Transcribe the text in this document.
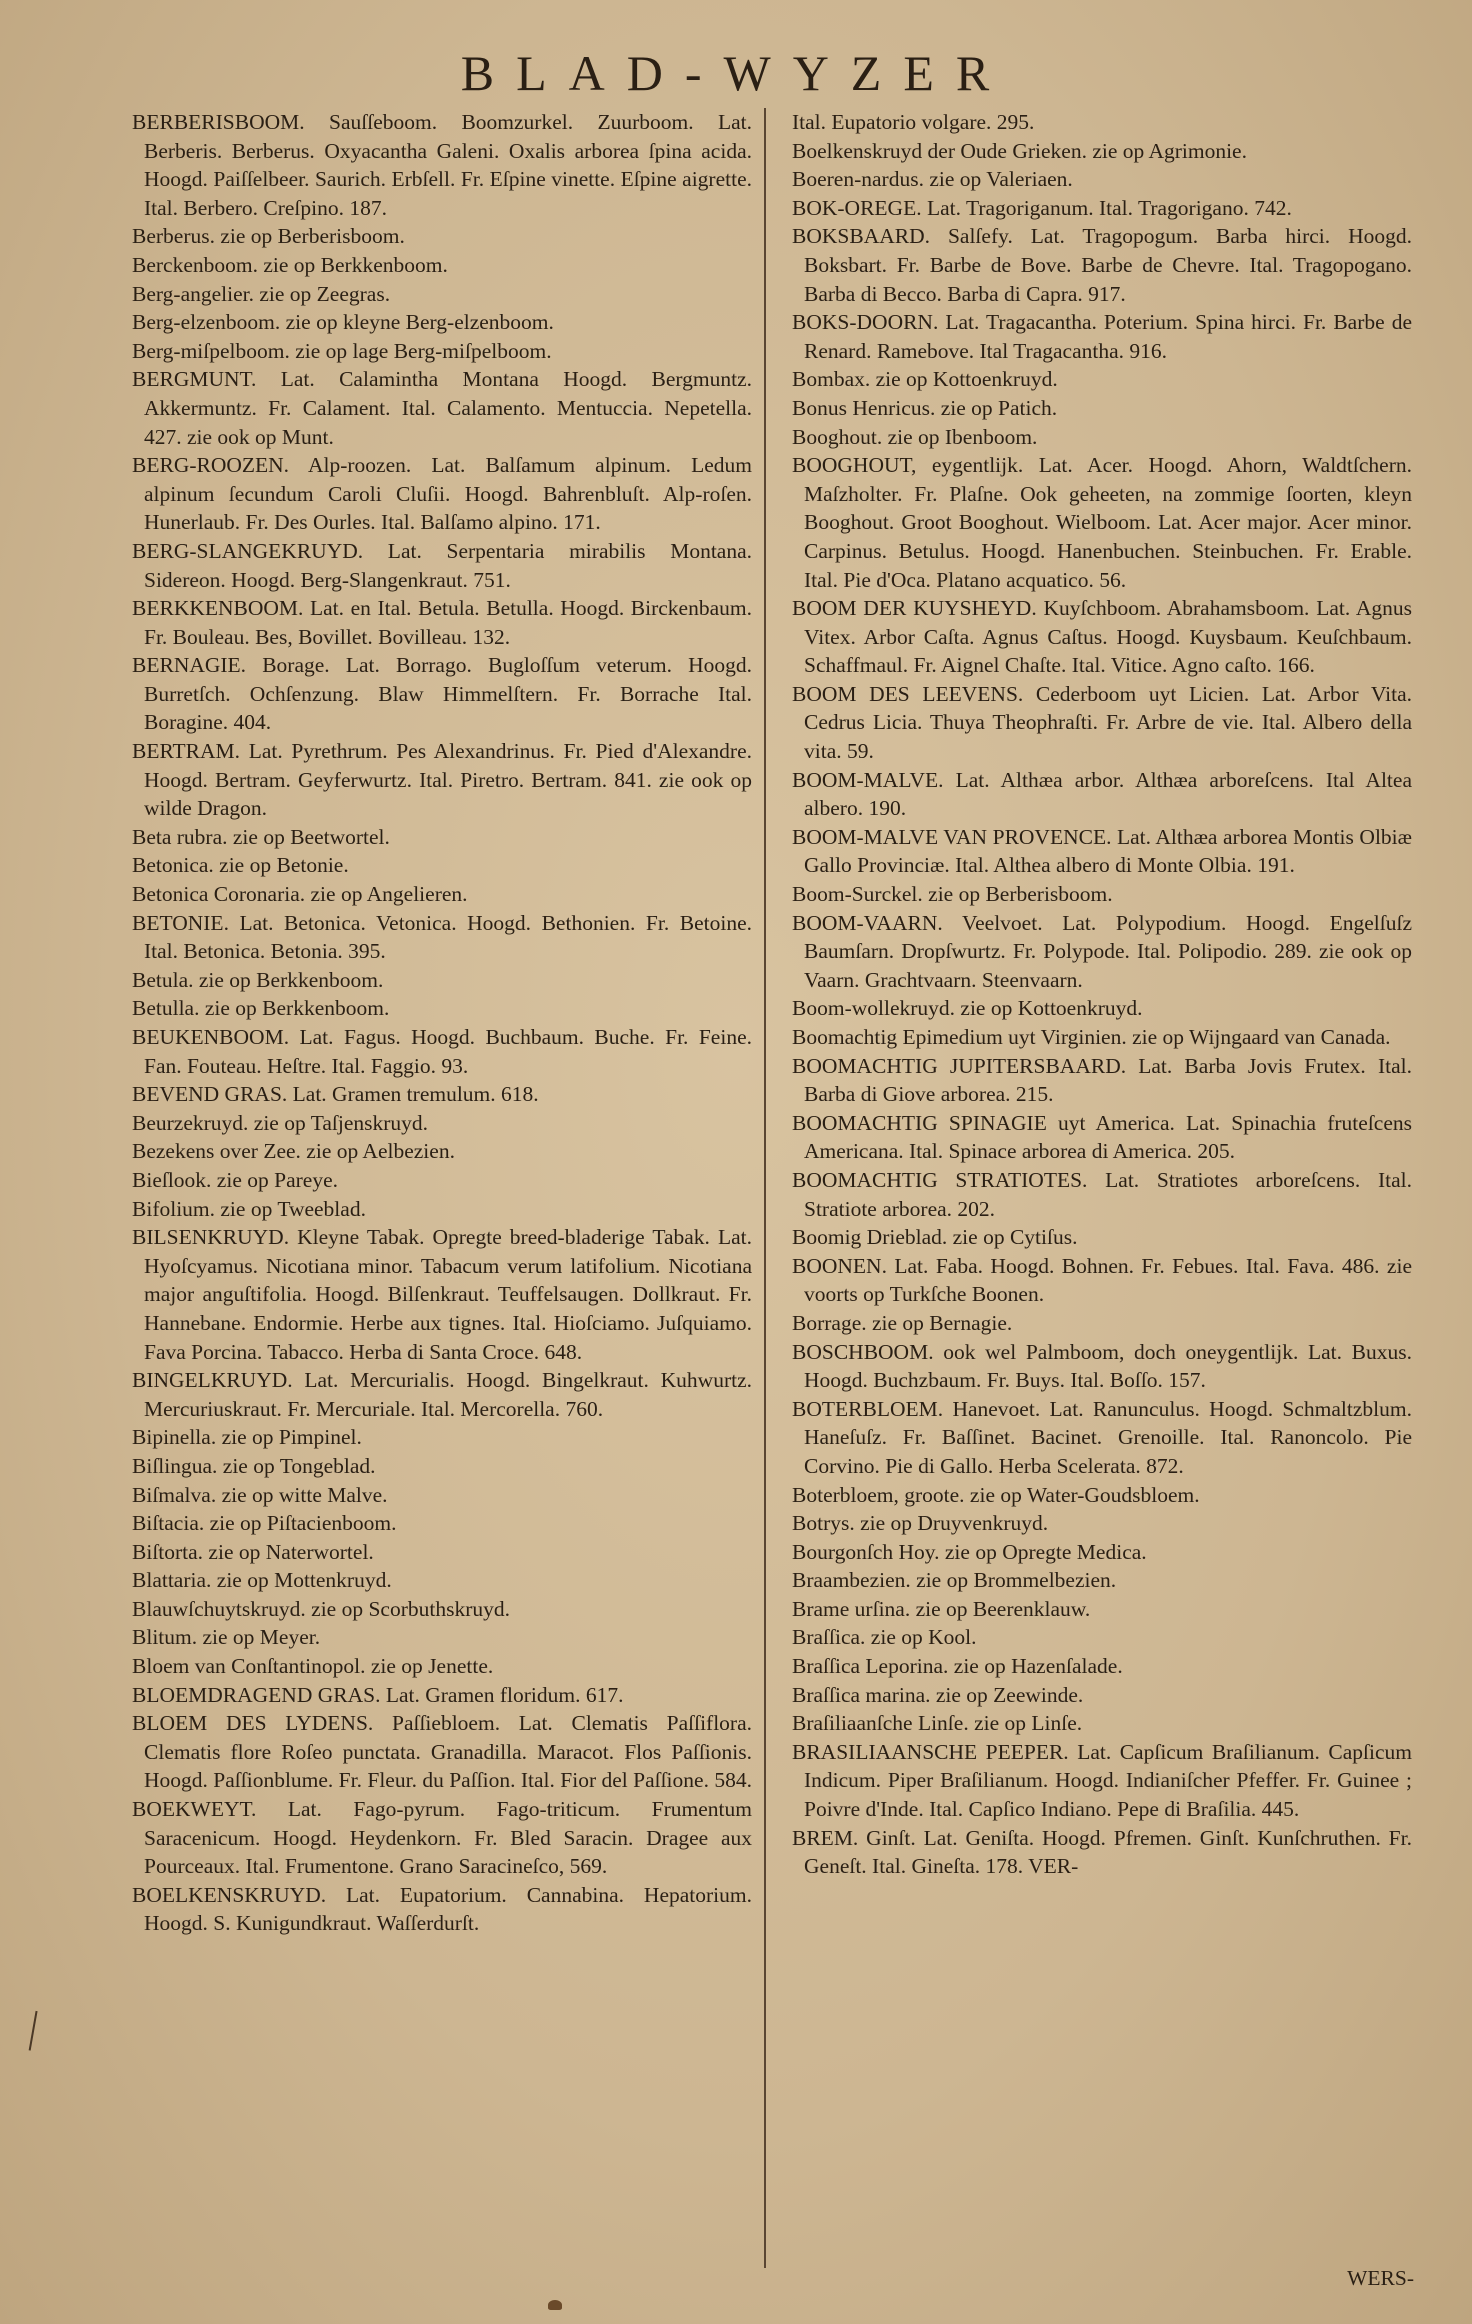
BLAD-WYZER

BERBERISBOOM. Sauſſeboom. Boomzurkel. Zuurboom. Lat. Berberis. Berberus. Oxyacantha Galeni. Oxalis arborea ſpina acida. Hoogd. Paiſſelbeer. Saurich. Erbſell. Fr. Eſpine vinette. Eſpine aigrette. Ital. Berbero. Creſpino. 187.

Berberus. zie op Berberisboom.

Berckenboom. zie op Berkkenboom.

Berg-angelier. zie op Zeegras.

Berg-elzenboom. zie op kleyne Berg-elzenboom.

Berg-miſpelboom. zie op lage Berg-miſpelboom.

BERGMUNT. Lat. Calamintha Montana Hoogd. Bergmuntz. Akkermuntz. Fr. Calament. Ital. Calamento. Mentuccia. Nepetella. 427. zie ook op Munt.

BERG-ROOZEN. Alp-roozen. Lat. Balſamum alpinum. Ledum alpinum ſecundum Caroli Cluſii. Hoogd. Bahrenbluſt. Alp-roſen. Hunerlaub. Fr. Des Ourles. Ital. Balſamo alpino. 171.

BERG-SLANGEKRUYD. Lat. Serpentaria mirabilis Montana. Sidereon. Hoogd. Berg-Slangenkraut. 751.

BERKKENBOOM. Lat. en Ital. Betula. Betulla. Hoogd. Birckenbaum. Fr. Bouleau. Bes, Bovillet. Bovilleau. 132.

BERNAGIE. Borage. Lat. Borrago. Bugloſſum veterum. Hoogd. Burretſch. Ochſenzung. Blaw Himmelſtern. Fr. Borrache Ital. Boragine. 404.

BERTRAM. Lat. Pyrethrum. Pes Alexandrinus. Fr. Pied d'Alexandre. Hoogd. Bertram. Geyferwurtz. Ital. Piretro. Bertram. 841. zie ook op wilde Dragon.

Beta rubra. zie op Beetwortel.

Betonica. zie op Betonie.

Betonica Coronaria. zie op Angelieren.

BETONIE. Lat. Betonica. Vetonica. Hoogd. Bethonien. Fr. Betoine. Ital. Betonica. Betonia. 395.

Betula. zie op Berkkenboom.

Betulla. zie op Berkkenboom.

BEUKENBOOM. Lat. Fagus. Hoogd. Buchbaum. Buche. Fr. Feine. Fan. Fouteau. Heſtre. Ital. Faggio. 93.

BEVEND GRAS. Lat. Gramen tremulum. 618.

Beurzekruyd. zie op Taſjenskruyd.

Bezekens over Zee. zie op Aelbezien.

Bieſlook. zie op Pareye.

Bifolium. zie op Tweeblad.

BILSENKRUYD. Kleyne Tabak. Opregte breed-bladerige Tabak. Lat. Hyoſcyamus. Nicotiana minor. Tabacum verum latifolium. Nicotiana major anguſtifolia. Hoogd. Bilſenkraut. Teuffelsaugen. Dollkraut. Fr. Hannebane. Endormie. Herbe aux tignes. Ital. Hioſciamo. Juſquiamo. Fava Porcina. Tabacco. Herba di Santa Croce. 648.

BINGELKRUYD. Lat. Mercurialis. Hoogd. Bingelkraut. Kuhwurtz. Mercuriuskraut. Fr. Mercuriale. Ital. Mercorella. 760.

Bipinella. zie op Pimpinel.

Biſlingua. zie op Tongeblad.

Biſmalva. zie op witte Malve.

Biſtacia. zie op Piſtacienboom.

Biſtorta. zie op Naterwortel.

Blattaria. zie op Mottenkruyd.

Blauwſchuytskruyd. zie op Scorbuthskruyd.

Blitum. zie op Meyer.

Bloem van Conſtantinopol. zie op Jenette.

BLOEMDRAGEND GRAS. Lat. Gramen floridum. 617.

BLOEM DES LYDENS. Paſſiebloem. Lat. Clematis Paſſiflora. Clematis flore Roſeo punctata. Granadilla. Maracot. Flos Paſſionis. Hoogd. Paſſionblume. Fr. Fleur. du Paſſion. Ital. Fior del Paſſione. 584.

BOEKWEYT. Lat. Fago-pyrum. Fago-triticum. Frumentum Saracenicum. Hoogd. Heydenkorn. Fr. Bled Saracin. Dragee aux Pourceaux. Ital. Frumentone. Grano Saracineſco, 569.

BOELKENSKRUYD. Lat. Eupatorium. Cannabina. Hepatorium. Hoogd. S. Kunigundkraut. Waſſerdurſt.

Ital. Eupatorio volgare. 295.

Boelkenskruyd der Oude Grieken. zie op Agrimonie.

Boeren-nardus. zie op Valeriaen.

BOK-OREGE. Lat. Tragoriganum. Ital. Tragorigano. 742.

BOKSBAARD. Salſefy. Lat. Tragopogum. Barba hirci. Hoogd. Boksbart. Fr. Barbe de Bove. Barbe de Chevre. Ital. Tragopogano. Barba di Becco. Barba di Capra. 917.

BOKS-DOORN. Lat. Tragacantha. Poterium. Spina hirci. Fr. Barbe de Renard. Ramebove. Ital Tragacantha. 916.

Bombax. zie op Kottoenkruyd.

Bonus Henricus. zie op Patich.

Booghout. zie op Ibenboom.

BOOGHOUT, eygentlijk. Lat. Acer. Hoogd. Ahorn, Waldtſchern. Maſzholter. Fr. Plaſne. Ook geheeten, na zommige ſoorten, kleyn Booghout. Groot Booghout. Wielboom. Lat. Acer major. Acer minor. Carpinus. Betulus. Hoogd. Hanenbuchen. Steinbuchen. Fr. Erable. Ital. Pie d'Oca. Platano acquatico. 56.

BOOM DER KUYSHEYD. Kuyſchboom. Abrahamsboom. Lat. Agnus Vitex. Arbor Caſta. Agnus Caſtus. Hoogd. Kuysbaum. Keuſchbaum. Schaffmaul. Fr. Aignel Chaſte. Ital. Vitice. Agno caſto. 166.

BOOM DES LEEVENS. Cederboom uyt Licien. Lat. Arbor Vita. Cedrus Licia. Thuya Theophraſti. Fr. Arbre de vie. Ital. Albero della vita. 59.

BOOM-MALVE. Lat. Althæa arbor. Althæa arboreſcens. Ital Altea albero. 190.

BOOM-MALVE VAN PROVENCE. Lat. Althæa arborea Montis Olbiæ Gallo Provinciæ. Ital. Althea albero di Monte Olbia. 191.

Boom-Surckel. zie op Berberisboom.

BOOM-VAARN. Veelvoet. Lat. Polypodium. Hoogd. Engelſuſz Baumſarn. Dropſwurtz. Fr. Polypode. Ital. Polipodio. 289. zie ook op Vaarn. Grachtvaarn. Steenvaarn.

Boom-wollekruyd. zie op Kottoenkruyd.

Boomachtig Epimedium uyt Virginien. zie op Wijngaard van Canada.

BOOMACHTIG JUPITERSBAARD. Lat. Barba Jovis Frutex. Ital. Barba di Giove arborea. 215.

BOOMACHTIG SPINAGIE uyt America. Lat. Spinachia fruteſcens Americana. Ital. Spinace arborea di America. 205.

BOOMACHTIG STRATIOTES. Lat. Stratiotes arboreſcens. Ital. Stratiote arborea. 202.

Boomig Drieblad. zie op Cytiſus.

BOONEN. Lat. Faba. Hoogd. Bohnen. Fr. Febues. Ital. Fava. 486. zie voorts op Turkſche Boonen.

Borrage. zie op Bernagie.

BOSCHBOOM. ook wel Palmboom, doch oneygentlijk. Lat. Buxus. Hoogd. Buchzbaum. Fr. Buys. Ital. Boſſo. 157.

BOTERBLOEM. Hanevoet. Lat. Ranunculus. Hoogd. Schmaltzblum. Haneſuſz. Fr. Baſſinet. Bacinet. Grenoille. Ital. Ranoncolo. Pie Corvino. Pie di Gallo. Herba Scelerata. 872.

Boterbloem, groote. zie op Water-Goudsbloem.

Botrys. zie op Druyvenkruyd.

Bourgonſch Hoy. zie op Opregte Medica.

Braambezien. zie op Brommelbezien.

Brame urſina. zie op Beerenklauw.

Braſſica. zie op Kool.

Braſſica Leporina. zie op Hazenſalade.

Braſſica marina. zie op Zeewinde.

Braſiliaanſche Linſe. zie op Linſe.

BRASILIAANSCHE PEEPER. Lat. Capſicum Braſilianum. Capſicum Indicum. Piper Braſilianum. Hoogd. Indianiſcher Pfeffer. Fr. Guinee ; Poivre d'Inde. Ital. Capſico Indiano. Pepe di Braſilia. 445.

BREM. Ginſt. Lat. Geniſta. Hoogd. Pfremen. Ginſt. Kunſchruthen. Fr. Geneſt. Ital. Gineſta. 178. VER-

WERS-
